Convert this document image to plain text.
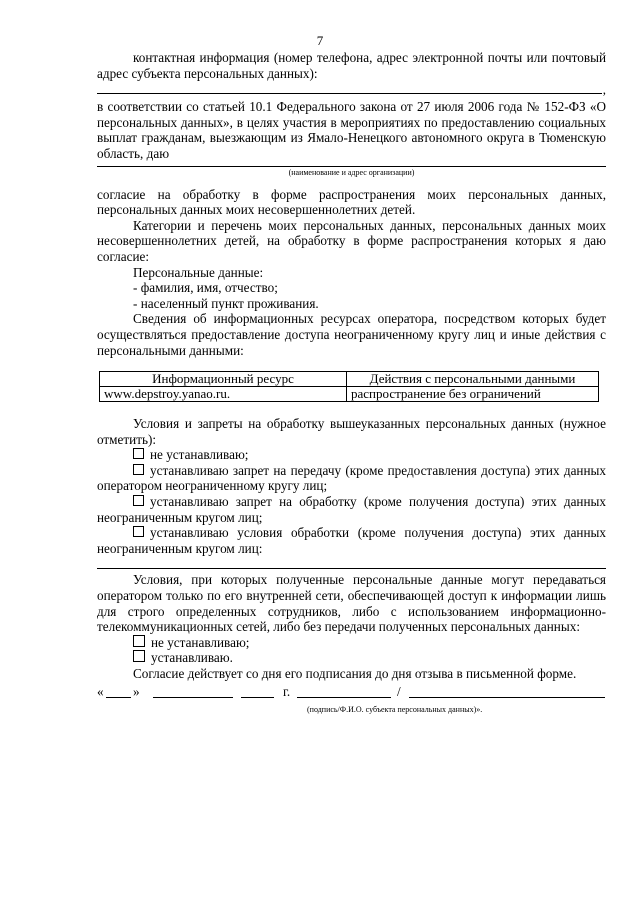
7

контактная информация (номер телефона, адрес электронной почты или почтовый адрес субъекта персональных данных):

,

в соответствии со статьей 10.1 Федерального закона от 27 июля 2006 года № 152-ФЗ «О персональных данных», в целях участия в мероприятиях по предоставлению социальных выплат гражданам, выезжающим из Ямало-Ненецкого автономного округа в Тюменскую область, даю

(наименование и адрес организации)

согласие на обработку в форме распространения моих персональных данных, персональных данных моих несовершеннолетних детей.

Категории и перечень моих персональных данных, персональных данных моих несовершеннолетних детей, на обработку в форме распространения которых я даю согласие:

Персональные данные:

- фамилия, имя, отчество;

- населенный пункт проживания.

Сведения об информационных ресурсах оператора, посредством которых будет осуществляться предоставление доступа неограниченному кругу лиц и иные действия с персональными данными:

Информационный ресурс	Действия с персональными данными
www.depstroy.yanao.ru.	распространение без ограничений

Условия и запреты на обработку вышеуказанных персональных данных (нужное отметить):

не устанавливаю;

устанавливаю запрет на передачу (кроме предоставления доступа) этих данных оператором неограниченному кругу лиц;

устанавливаю запрет на обработку (кроме получения доступа) этих данных неограниченным кругом лиц;

устанавливаю условия обработки (кроме получения доступа) этих данных неограниченным кругом лиц:

Условия, при которых полученные персональные данные могут передаваться оператором только по его внутренней сети, обеспечивающей доступ к информации лишь для строго определенных сотрудников, либо с использованием информационно-телекоммуникационных сетей, либо без передачи полученных персональных данных:

не устанавливаю;

устанавливаю.

Согласие действует со дня его подписания до дня отзыва в письменной форме.

« »	г.	/
(подпись/Ф.И.О. субъекта персональных данных)».
